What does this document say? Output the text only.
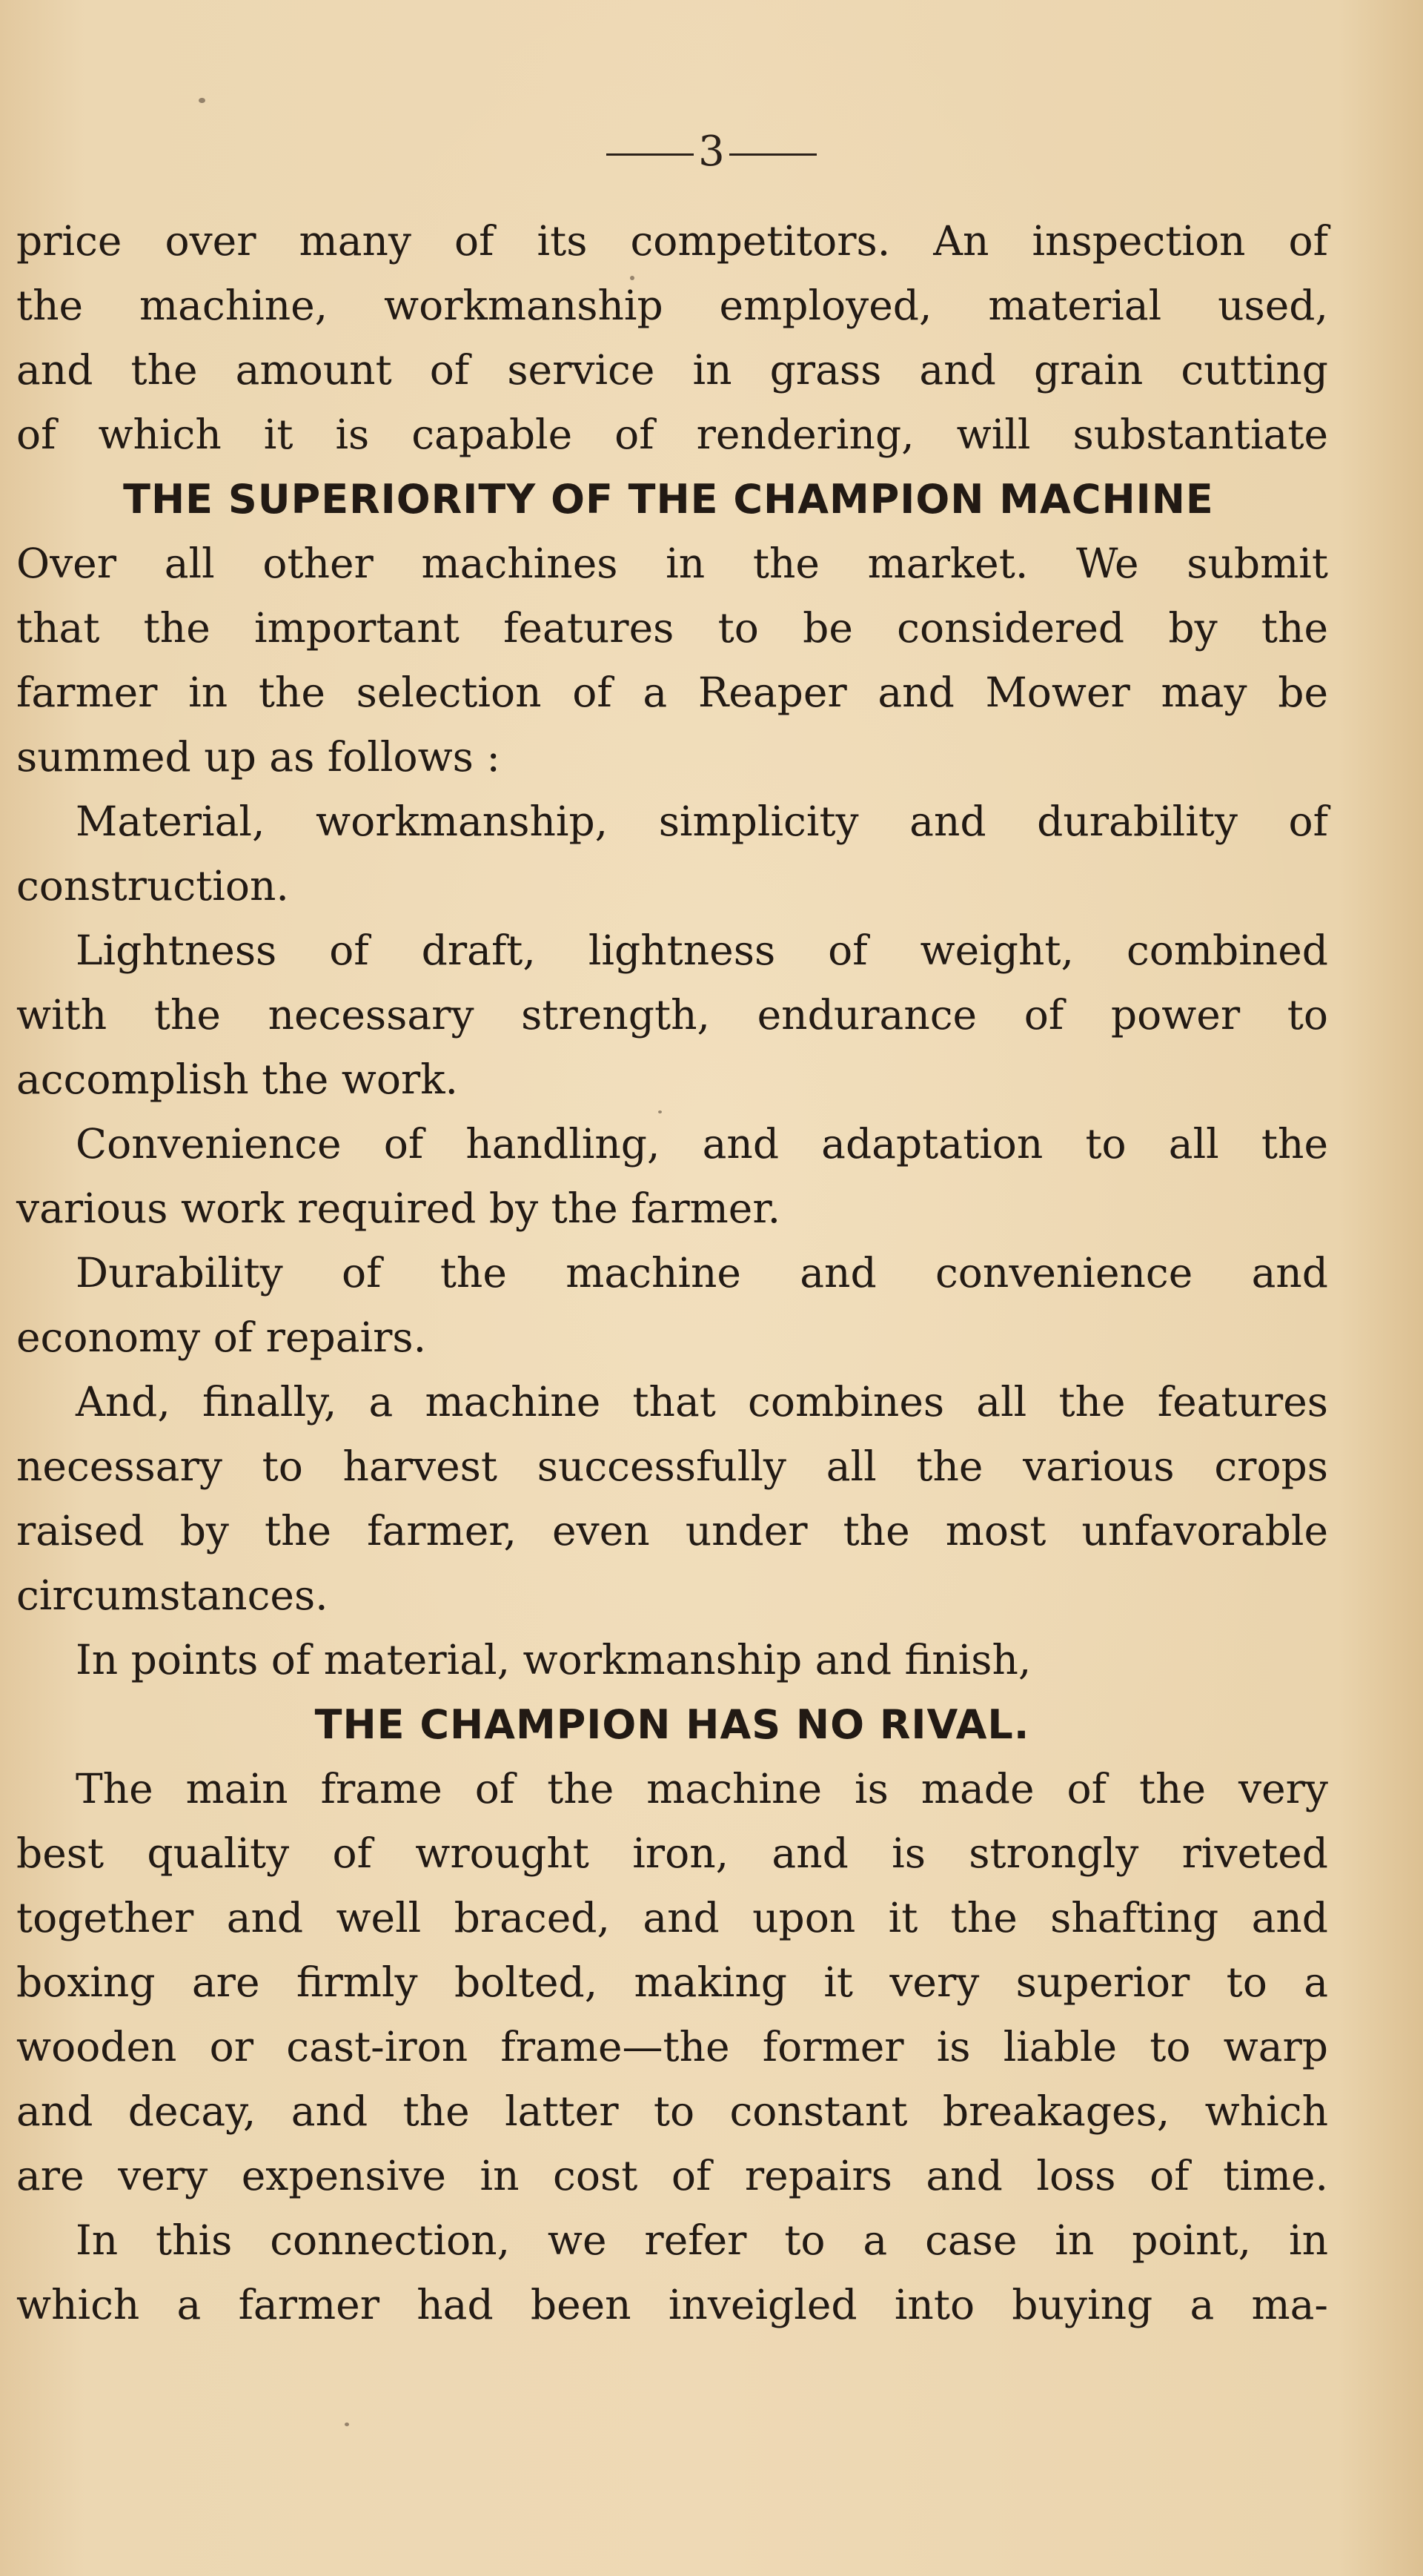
3
price over many of its competitors. An inspection of
the machine, workmanship employed, material used,
and the amount of service in grass and grain cutting
of which it is capable of rendering, will substantiate
THE SUPERIORITY OF THE CHAMPION MACHINE
Over all other machines in the market. We submit
that the important features to be considered by the
farmer in the selection of a Reaper and Mower may be
summed up as follows :
Material, workmanship, simplicity and durability of
construction.
Lightness of draft, lightness of weight, combined
with the necessary strength, endurance of power to
accomplish the work.
Convenience of handling, and adaptation to all the
various work required by the farmer.
Durability of the machine and convenience and
economy of repairs.
And, finally, a machine that combines all the features
necessary to harvest successfully all the various crops
raised by the farmer, even under the most unfavorable
circumstances.
In points of material, workmanship and finish,
THE CHAMPION HAS NO RIVAL.
The main frame of the machine is made of the very
best quality of wrought iron, and is strongly riveted
together and well braced, and upon it the shafting and
boxing are firmly bolted, making it very superior to a
wooden or cast-iron frame—the former is liable to warp
and decay, and the latter to constant breakages, which
are very expensive in cost of repairs and loss of time.
In this connection, we refer to a case in point, in
which a farmer had been inveigled into buying a ma-
